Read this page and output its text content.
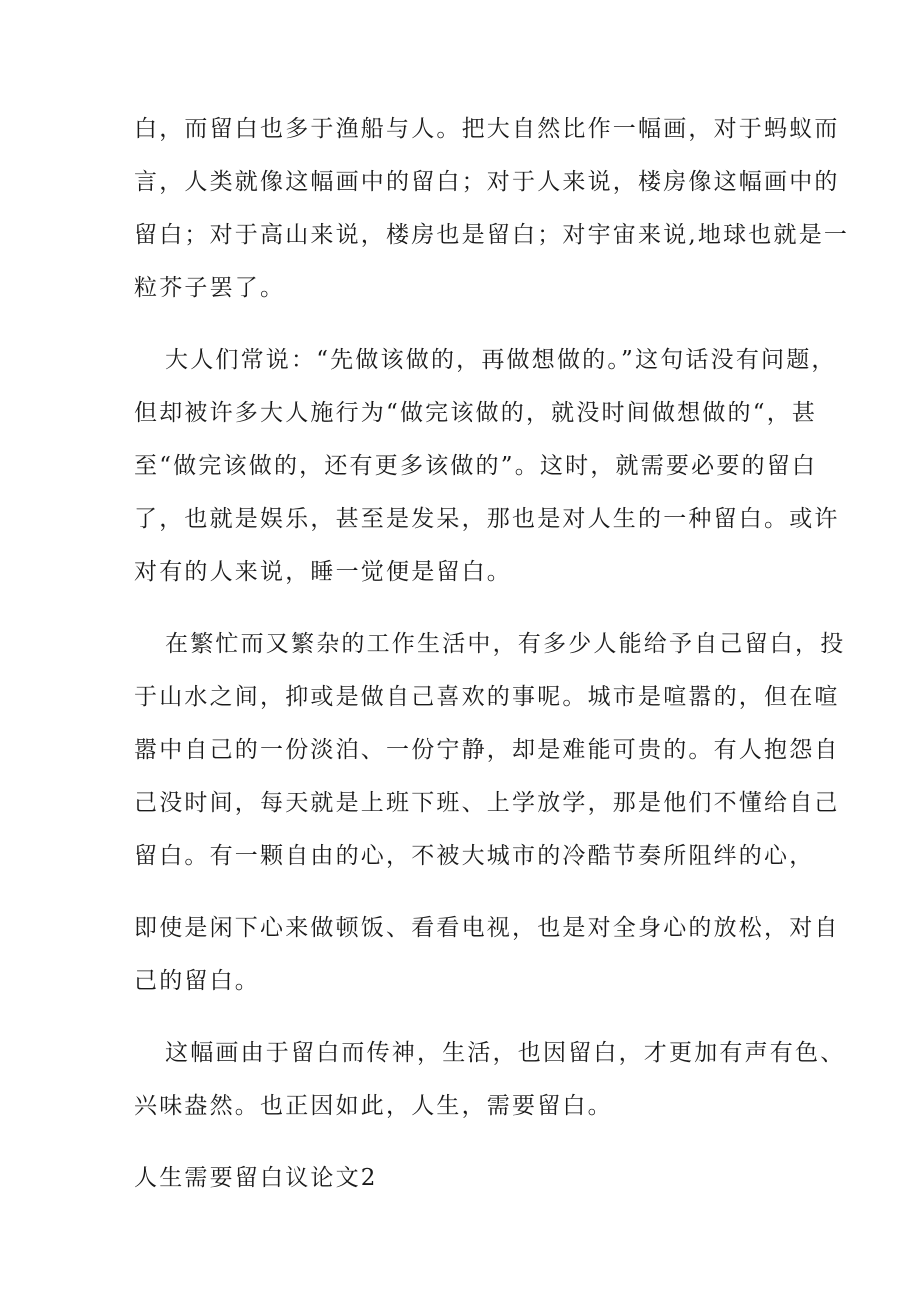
白，而留白也多于渔船与人。把大自然比作一幅画，对于蚂蚁而
言，人类就像这幅画中的留白；对于人来说，楼房像这幅画中的
留白；对于高山来说，楼房也是留白；对宇宙来说,地球也就是一
粒芥子罢了。
大人们常说：“先做该做的，再做想做的。”这句话没有问题，
但却被许多大人施行为“做完该做的，就没时间做想做的“，甚
至“做完该做的，还有更多该做的”。这时，就需要必要的留白
了，也就是娱乐，甚至是发呆，那也是对人生的一种留白。或许
对有的人来说，睡一觉便是留白。
在繁忙而又繁杂的工作生活中，有多少人能给予自己留白，投
于山水之间，抑或是做自己喜欢的事呢。城市是喧嚣的，但在喧
嚣中自己的一份淡泊、一份宁静，却是难能可贵的。有人抱怨自
己没时间，每天就是上班下班、上学放学，那是他们不懂给自己
留白。有一颗自由的心，不被大城市的冷酷节奏所阻绊的心，
即使是闲下心来做顿饭、看看电视，也是对全身心的放松，对自
己的留白。
这幅画由于留白而传神，生活，也因留白，才更加有声有色、
兴味盎然。也正因如此，人生，需要留白。
人生需要留白议论文2
